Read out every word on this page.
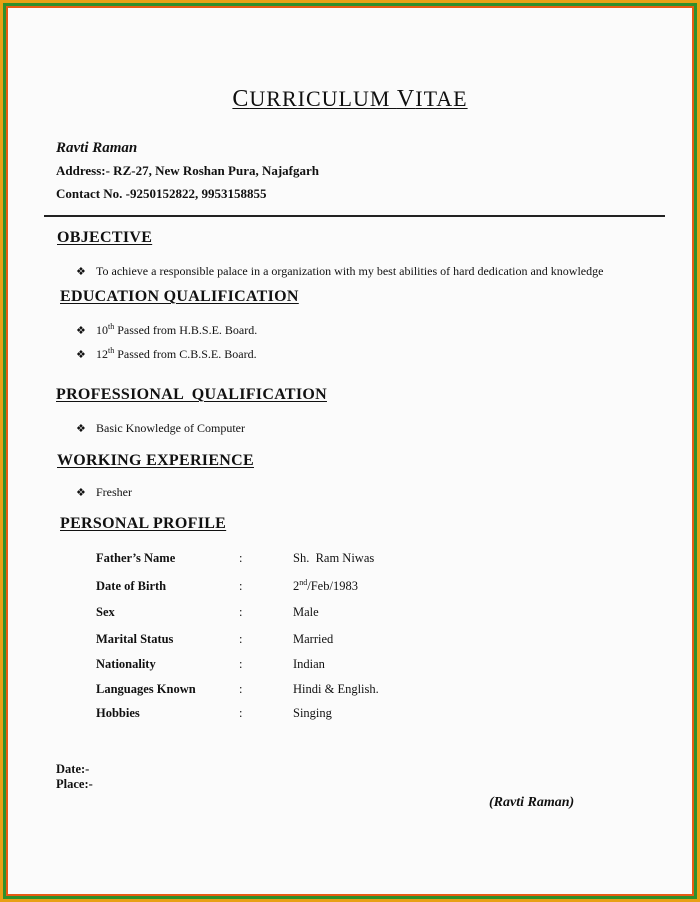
CURRICULUM VITAE
Ravti Raman
Address:- RZ-27, New Roshan Pura, Najafgarh
Contact No. -9250152822, 9953158855
OBJECTIVE
❖ To achieve a responsible palace in a organization with my best abilities of hard dedication and knowledge
EDUCATION QUALIFICATION
❖ 10th Passed from H.B.S.E. Board.
❖ 12th Passed from C.B.S.E. Board.
PROFESSIONAL  QUALIFICATION
❖ Basic Knowledge of Computer
WORKING EXPERIENCE
❖ Fresher
PERSONAL PROFILE
Father’s Name	:	Sh.  Ram Niwas
Date of Birth	:	2nd/Feb/1983
Sex	:	Male
Marital Status	:	Married
Nationality	:	Indian
Languages Known	:	Hindi & English.
Hobbies	:	Singing
Date:-
Place:-
(Ravti Raman)
